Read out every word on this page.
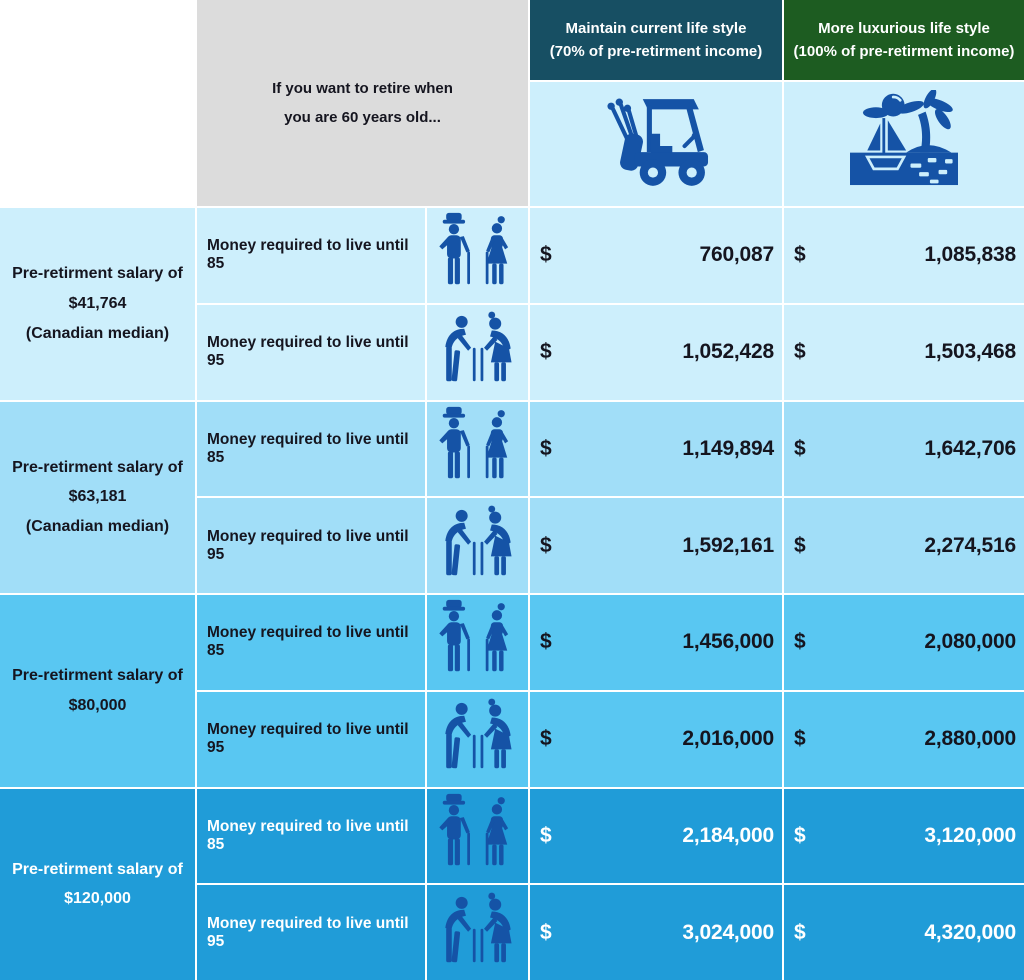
If you want to retire when
you are 60 years old...
Maintain current life style
(70% of pre-retirment income)
More luxurious life style
(100% of pre-retirment income)
Pre-retirment salary of
$41,764
(Canadian median)
Money required to live until 85	$	760,087 $	1,085,838
Money required to live until 95	$	1,052,428 $	1,503,468
Pre-retirment salary of
$63,181
(Canadian median)
Money required to live until 85	$	1,149,894 $	1,642,706
Money required to live until 95	$	1,592,161 $	2,274,516
Pre-retirment salary of
$80,000
Money required to live until 85	$	1,456,000 $	2,080,000
Money required to live until 95	$	2,016,000 $	2,880,000
Pre-retirment salary of
$120,000
Money required to live until 85	$	2,184,000 $	3,120,000
Money required to live until 95	$	3,024,000 $	4,320,000
